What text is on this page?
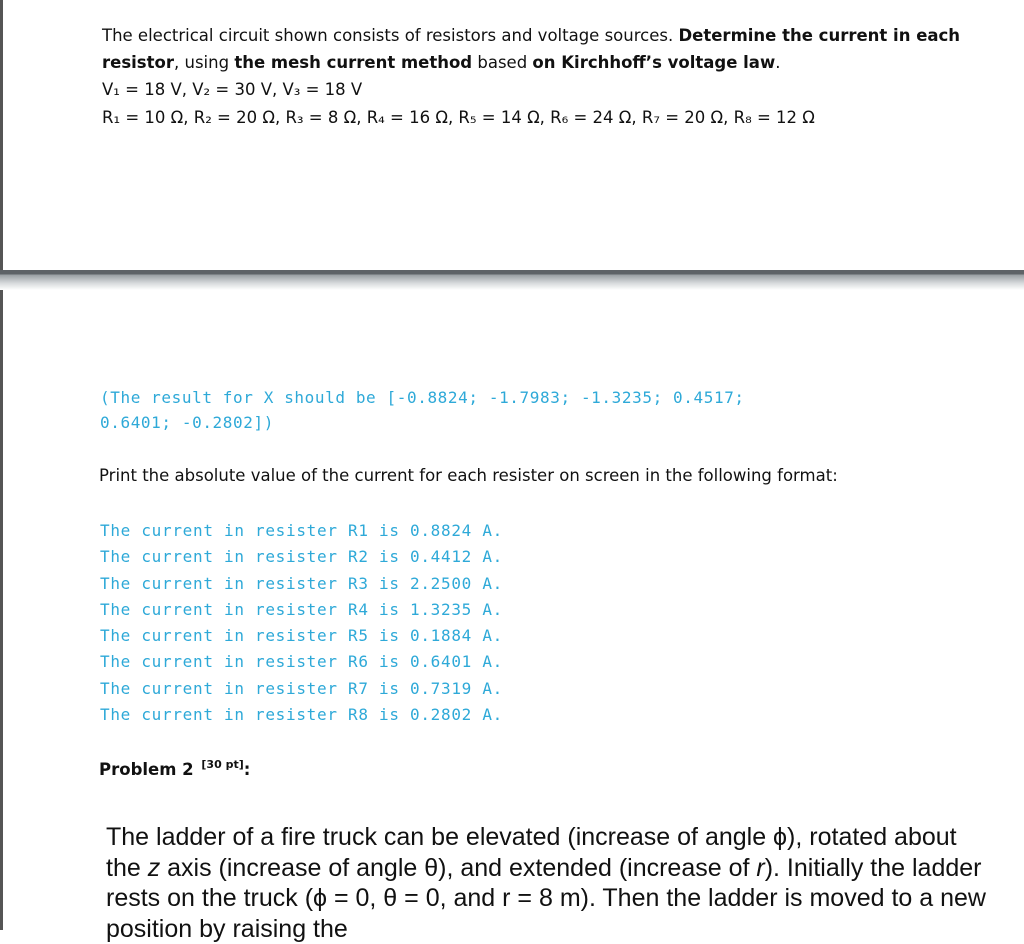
The electrical circuit shown consists of resistors and voltage sources. Determine the current in each resistor, using the mesh current method based on Kirchhoff’s voltage law.
V₁ = 18 V, V₂ = 30 V, V₃ = 18 V
R₁ = 10 Ω, R₂ = 20 Ω, R₃ = 8 Ω, R₄ = 16 Ω, R₅ = 14 Ω, R₆ = 24 Ω, R₇ = 20 Ω, R₈ = 12 Ω
(The result for X should be [-0.8824; -1.7983; -1.3235; 0.4517;
0.6401; -0.2802])
Print the absolute value of the current for each resister on screen in the following format:
The current in resister R1 is 0.8824 A.
The current in resister R2 is 0.4412 A.
The current in resister R3 is 2.2500 A.
The current in resister R4 is 1.3235 A.
The current in resister R5 is 0.1884 A.
The current in resister R6 is 0.6401 A.
The current in resister R7 is 0.7319 A.
The current in resister R8 is 0.2802 A.
Problem 2 [30 pt]:
The ladder of a fire truck can be elevated (increase of angle ϕ), rotated about the z axis (increase of angle θ), and extended (increase of r). Initially the ladder rests on the truck (ϕ = 0, θ = 0, and r = 8 m). Then the ladder is moved to a new position by raising the
